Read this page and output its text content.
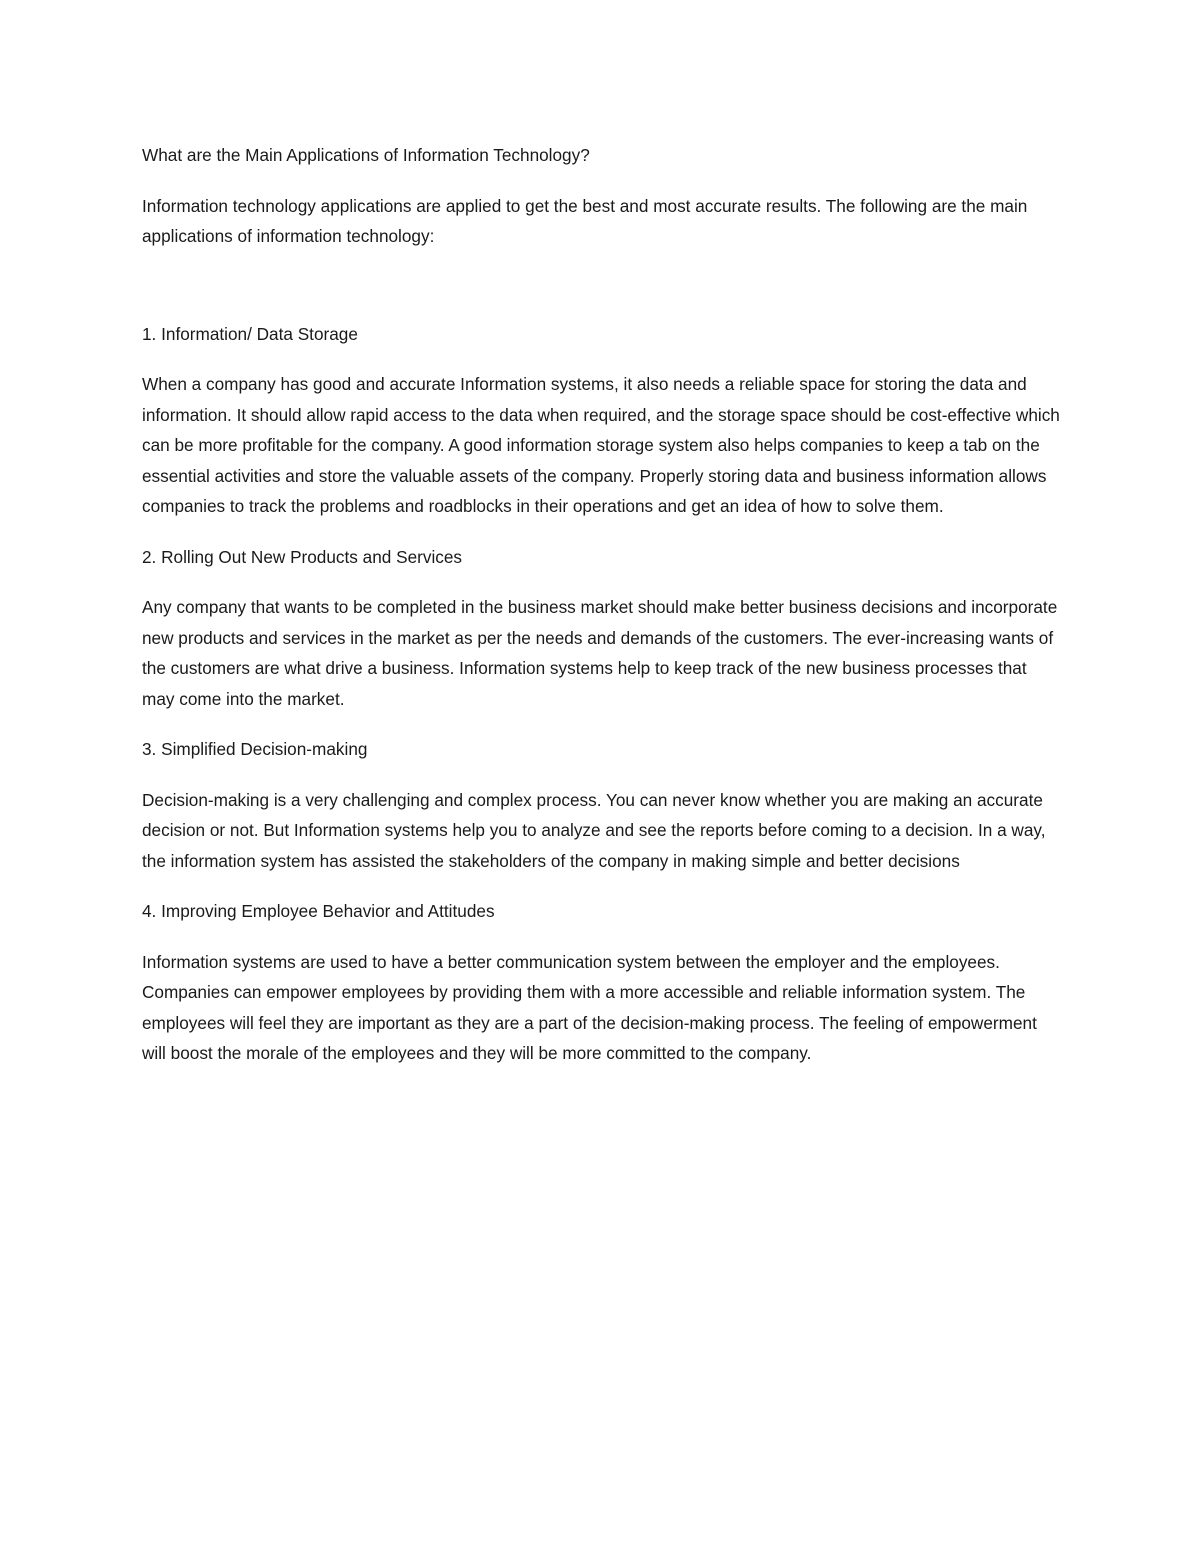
What are the Main Applications of Information Technology?

Information technology applications are applied to get the best and most accurate results. The following are the main applications of information technology:

1. Information/ Data Storage

When a company has good and accurate Information systems, it also needs a reliable space for storing the data and information. It should allow rapid access to the data when required, and the storage space should be cost-effective which can be more profitable for the company. A good information storage system also helps companies to keep a tab on the essential activities and store the valuable assets of the company. Properly storing data and business information allows companies to track the problems and roadblocks in their operations and get an idea of how to solve them.

2. Rolling Out New Products and Services

Any company that wants to be completed in the business market should make better business decisions and incorporate new products and services in the market as per the needs and demands of the customers. The ever-increasing wants of the customers are what drive a business. Information systems help to keep track of the new business processes that may come into the market.

3. Simplified Decision-making

Decision-making is a very challenging and complex process. You can never know whether you are making an accurate decision or not. But Information systems help you to analyze and see the reports before coming to a decision. In a way, the information system has assisted the stakeholders of the company in making simple and better decisions

4. Improving Employee Behavior and Attitudes

Information systems are used to have a better communication system between the employer and the employees. Companies can empower employees by providing them with a more accessible and reliable information system. The employees will feel they are important as they are a part of the decision-making process. The feeling of empowerment will boost the morale of the employees and they will be more committed to the company.
